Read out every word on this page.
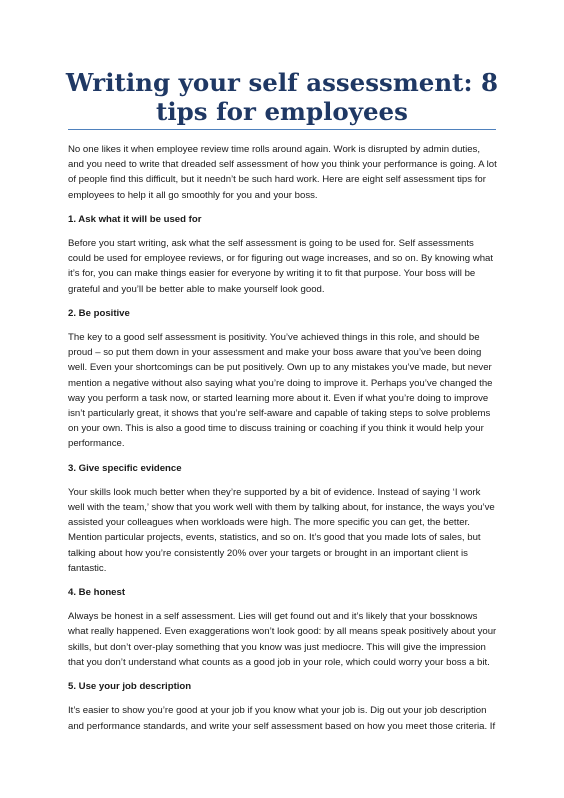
Writing your self assessment: 8 tips for employees

No one likes it when employee review time rolls around again. Work is disrupted by admin duties, and you need to write that dreaded self assessment of how you think your performance is going. A lot of people find this difficult, but it needn’t be such hard work. Here are eight self assessment tips for employees to help it all go smoothly for you and your boss.

1. Ask what it will be used for

Before you start writing, ask what the self assessment is going to be used for. Self assessments could be used for employee reviews, or for figuring out wage increases, and so on. By knowing what it’s for, you can make things easier for everyone by writing it to fit that purpose. Your boss will be grateful and you’ll be better able to make yourself look good.

2. Be positive

The key to a good self assessment is positivity. You’ve achieved things in this role, and should be proud – so put them down in your assessment and make your boss aware that you’ve been doing well. Even your shortcomings can be put positively. Own up to any mistakes you’ve made, but never mention a negative without also saying what you’re doing to improve it. Perhaps you’ve changed the way you perform a task now, or started learning more about it. Even if what you’re doing to improve isn’t particularly great, it shows that you’re self-aware and capable of taking steps to solve problems on your own. This is also a good time to discuss training or coaching if you think it would help your performance.

3. Give specific evidence

Your skills look much better when they’re supported by a bit of evidence. Instead of saying ‘I work well with the team,’ show that you work well with them by talking about, for instance, the ways you’ve assisted your colleagues when workloads were high. The more specific you can get, the better. Mention particular projects, events, statistics, and so on. It’s good that you made lots of sales, but talking about how you’re consistently 20% over your targets or brought in an important client is fantastic.

4. Be honest

Always be honest in a self assessment. Lies will get found out and it’s likely that your bossknows what really happened. Even exaggerations won’t look good: by all means speak positively about your skills, but don’t over-play something that you know was just mediocre. This will give the impression that you don’t understand what counts as a good job in your role, which could worry your boss a bit.

5. Use your job description

It’s easier to show you’re good at your job if you know what your job is. Dig out your job description and performance standards, and write your self assessment based on how you meet those criteria. If
